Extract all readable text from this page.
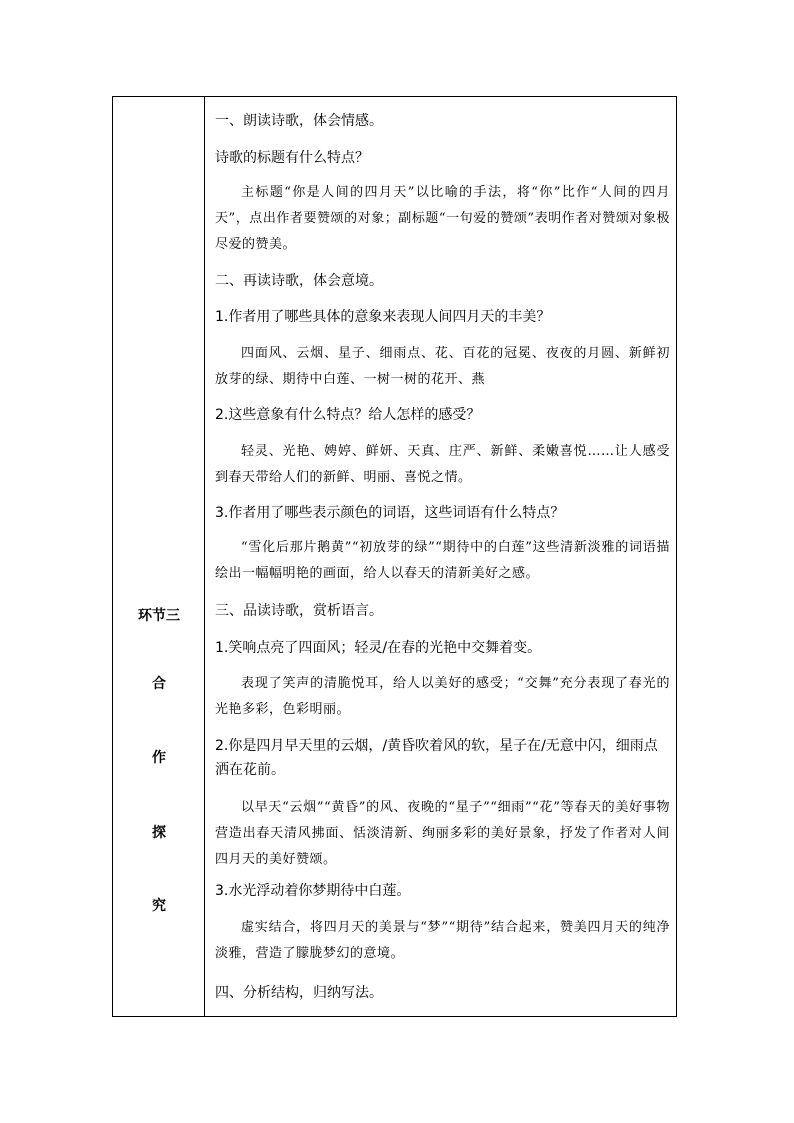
环节三
合
作
探
究
一、朗读诗歌，体会情感。
诗歌的标题有什么特点？
主标题“你是人间的四月天”以比喻的手法，将“你”比作“人间的四月天”，点出作者要赞颂的对象；副标题“一句爱的赞颂”表明作者对赞颂对象极尽爱的赞美。
二、再读诗歌，体会意境。
1.作者用了哪些具体的意象来表现人间四月天的丰美？
四面风、云烟、星子、细雨点、花、百花的冠冕、夜夜的月圆、新鲜初放芽的绿、期待中白莲、一树一树的花开、燕
2.这些意象有什么特点？给人怎样的感受？
轻灵、光艳、娉婷、鲜妍、天真、庄严、新鲜、柔嫩喜悦……让人感受到春天带给人们的新鲜、明丽、喜悦之情。
3.作者用了哪些表示颜色的词语，这些词语有什么特点？
“雪化后那片鹅黄”“初放芽的绿”“期待中的白莲”这些清新淡雅的词语描绘出一幅幅明艳的画面，给人以春天的清新美好之感。
三、品读诗歌，赏析语言。
1.笑响点亮了四面风；轻灵/在春的光艳中交舞着变。
表现了笑声的清脆悦耳，给人以美好的感受；“交舞”充分表现了春光的光艳多彩，色彩明丽。
2.你是四月早天里的云烟，/黄昏吹着风的软，星子在/无意中闪，细雨点洒在花前。
以早天“云烟”“黄昏”的风、夜晚的“星子”“细雨”“花”等春天的美好事物营造出春天清风拂面、恬淡清新、绚丽多彩的美好景象，抒发了作者对人间四月天的美好赞颂。
3.水光浮动着你梦期待中白莲。
虚实结合，将四月天的美景与“梦”“期待”结合起来，赞美四月天的纯净淡雅，营造了朦胧梦幻的意境。
四、分析结构，归纳写法。
